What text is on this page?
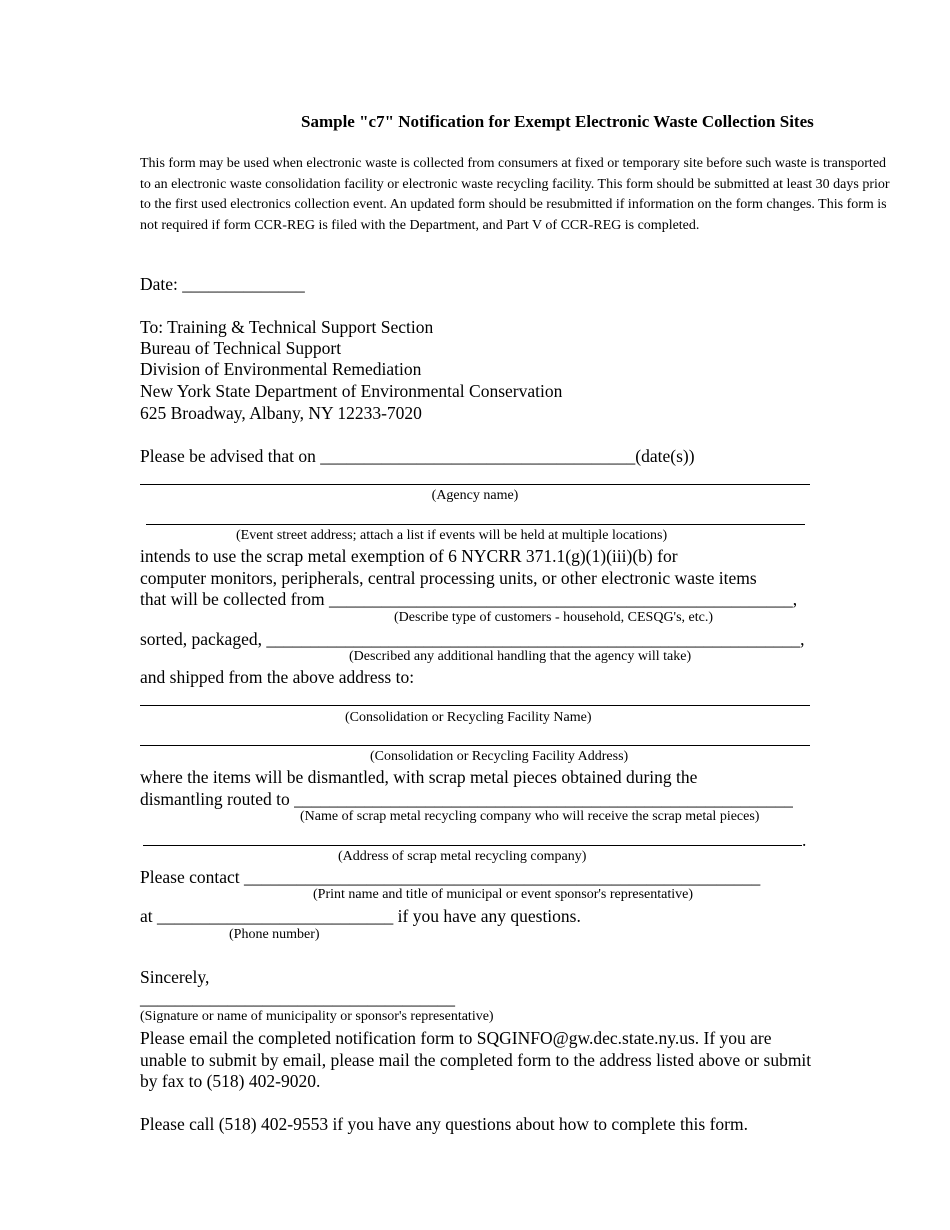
Sample "c7" Notification for Exempt Electronic Waste Collection Sites
This form may be used when electronic waste is collected from consumers at fixed or temporary site before such waste is transported to an electronic waste consolidation facility or electronic waste recycling facility. This form should be submitted at least 30 days prior to the first used electronics collection event. An updated form should be resubmitted if information on the form changes. This form is not required if form CCR-REG is filed with the Department, and Part V of CCR-REG is completed.
Date: ______________
To: Training & Technical Support Section
Bureau of Technical Support
Division of Environmental Remediation
New York State Department of Environmental Conservation
625 Broadway, Albany, NY 12233-7020
Please be advised that on ____________________________________(date(s))
(Agency name)
(Event street address; attach a list if events will be held at multiple locations)
intends to use the scrap metal exemption of 6 NYCRR 371.1(g)(1)(iii)(b) for
computer monitors, peripherals, central processing units, or other electronic waste items
that will be collected from _____________________________________________________,
(Describe type of customers - household, CESQG's, etc.)
sorted, packaged, _____________________________________________________________,
(Described any additional handling that the agency will take)
and shipped from the above address to:
(Consolidation or Recycling Facility Name)
(Consolidation or Recycling Facility Address)
where the items will be dismantled, with scrap metal pieces obtained during the
dismantling routed to _________________________________________________________
(Name of scrap metal recycling company who will receive the scrap metal pieces)
.
(Address of scrap metal recycling company)
Please contact ___________________________________________________________
(Print name and title of municipal or event sponsor's representative)
at ___________________________ if you have any questions.
(Phone number)
Sincerely,
____________________________________
(Signature or name of municipality or sponsor's representative)
Please email the completed notification form to SQGINFO@gw.dec.state.ny.us. If you are
unable to submit by email, please mail the completed form to the address listed above or submit
by fax to (518) 402-9020.
Please call (518) 402-9553 if you have any questions about how to complete this form.
